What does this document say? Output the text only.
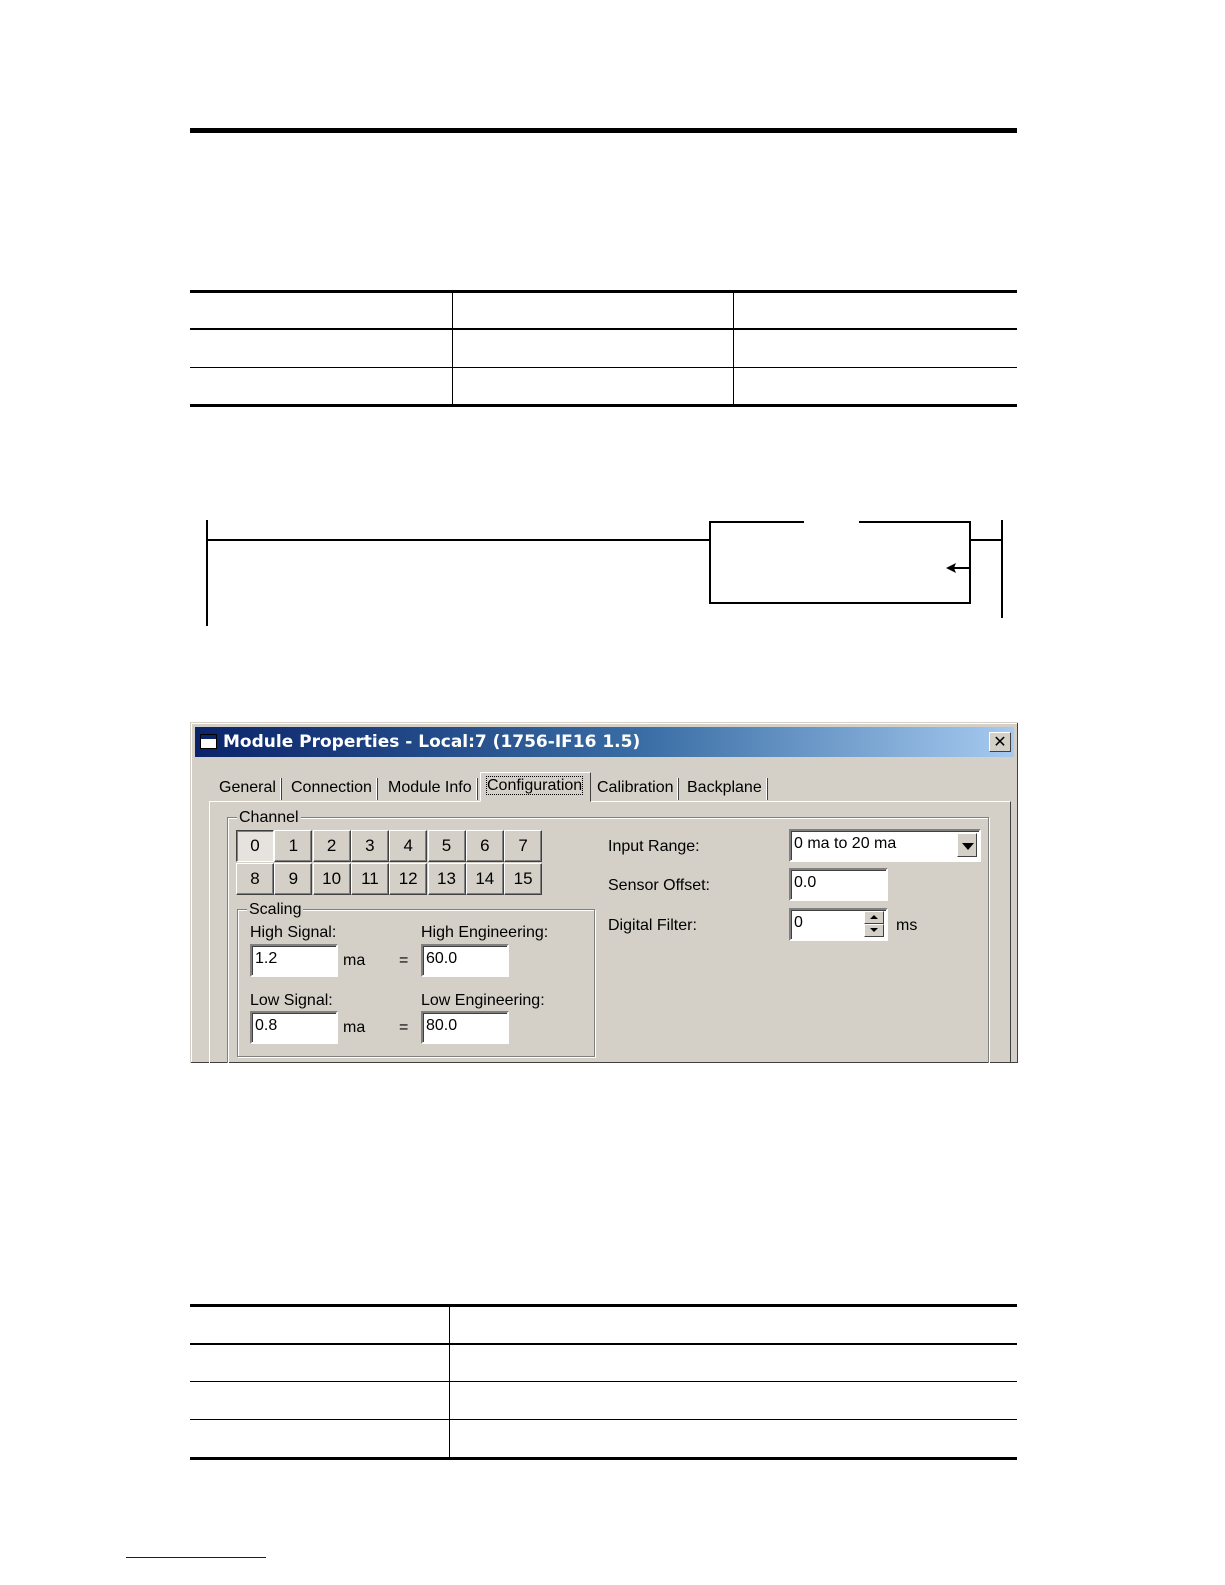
Module Properties - Local:7 (1756-IF16 1.5)	✕
General Connection	Module Info Configuration Calibration Backplane
Channel
Scaling
High Signal:
1.2	ma =
High Engineering:
60.0
Low Signal:
0.8	ma =
Low Engineering:
80.0
Input Range:	0 ma to 20 ma
Sensor Offset:	0.0
Digital Filter:	0	ms
0	1	2	3	4	5	6	7
8	9	10	11	12	13	14	15
